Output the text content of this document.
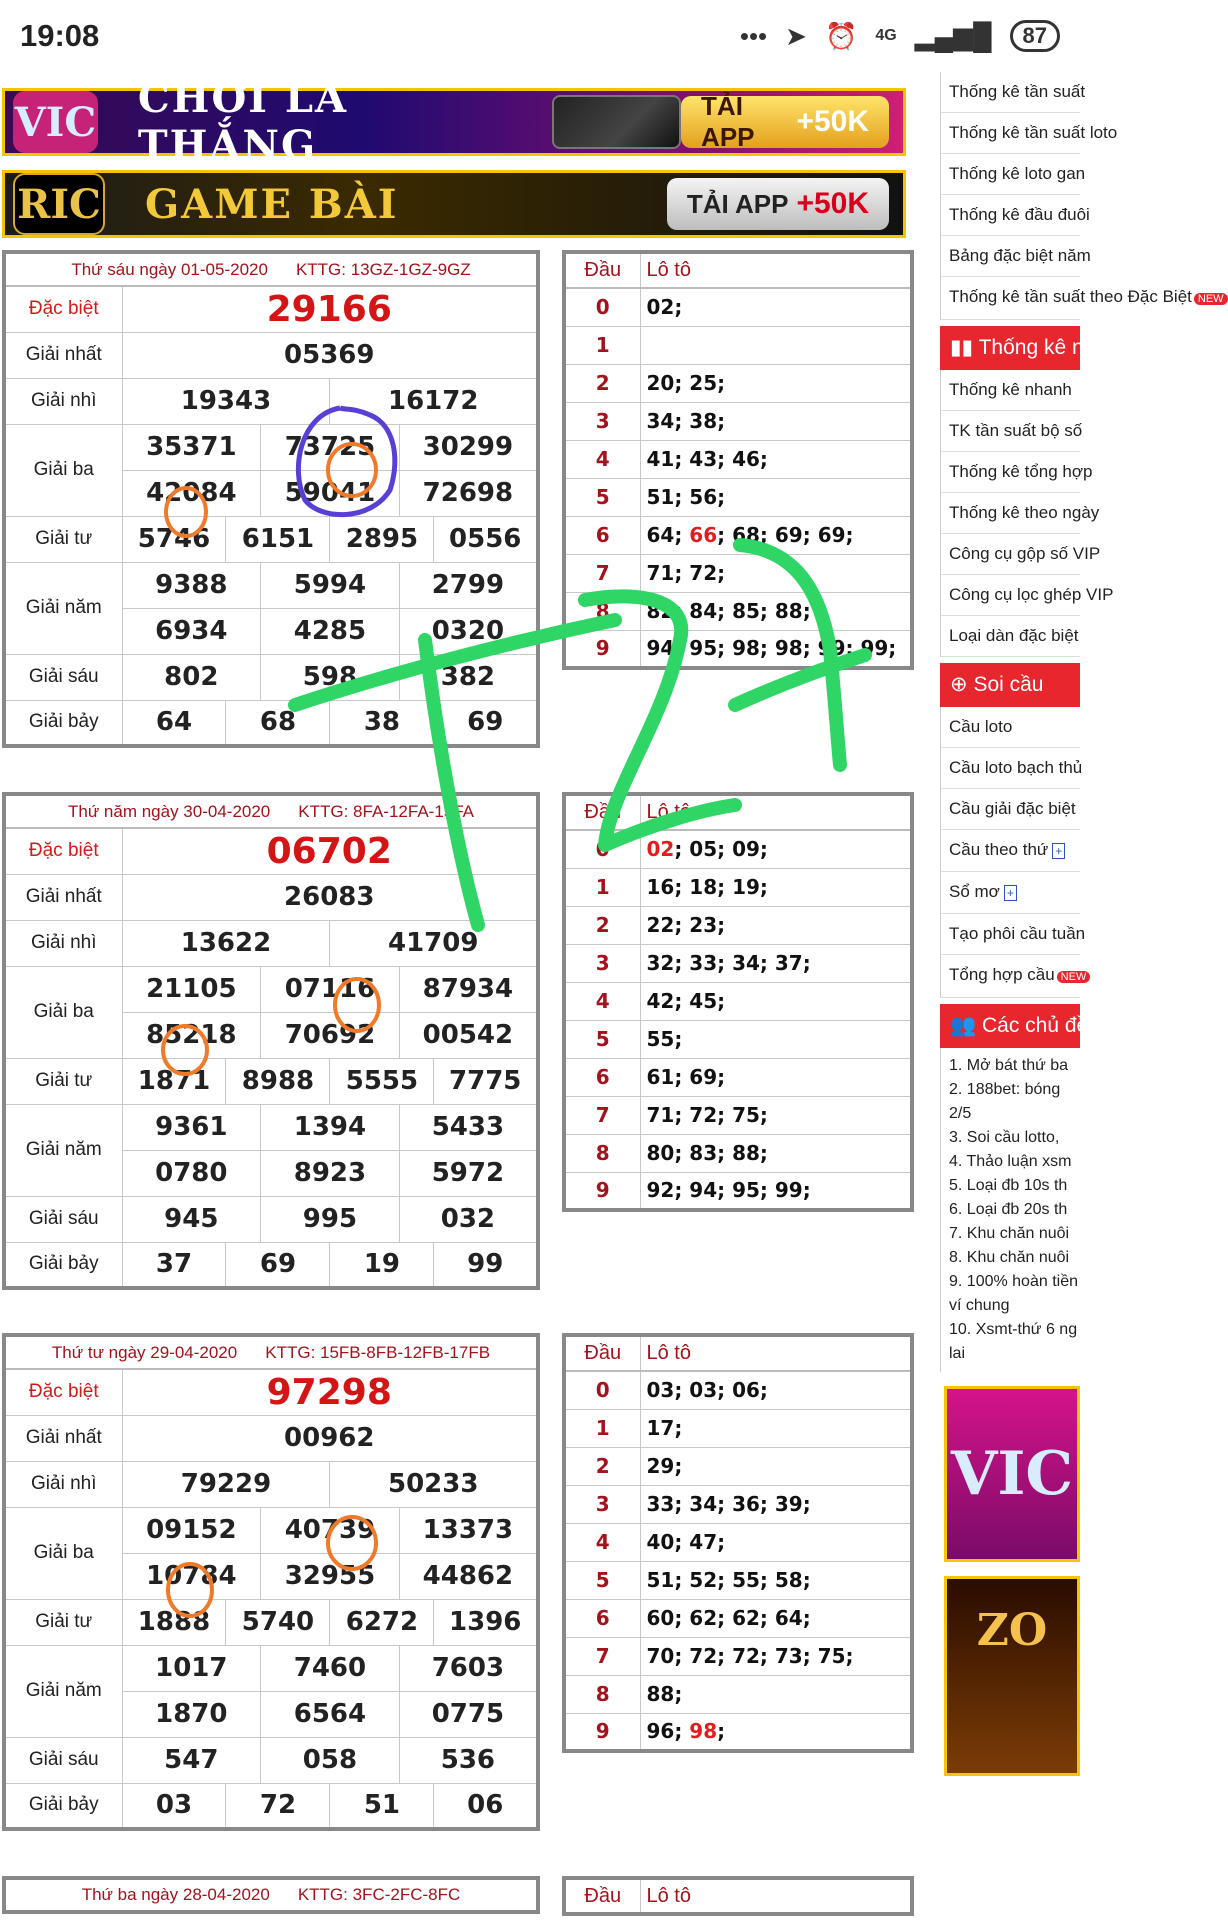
19:08	••• ➤ ⏰ 4G ▂▄▆█	87
VIC CHƠI LÀ THẮNG
TẢI APP	+50K
RIC GAME BÀI	TẢI APP +50K
Thứ sáu ngày 01-05-2020 KTTG: 13GZ-1GZ-9GZ						
Đặc biệt	29166					
Giải nhất	05369					
Giải nhì	19343			16172		
Giải ba	35371		73725		30299	
	42084		59041		72698	
Giải tư	5746	6151		2895		0556
Giải năm	9388		5994		2799	
	6934		4285		0320	
Giải sáu	802		598		382	
Giải bảy	64	68		38		69
Đầu	Lô tô
0	02;
1	
2	20; 25;
3	34; 38;
4	41; 43; 46;
5	51; 56;
6	64; 66; 68; 69; 69;
7	71; 72;
8	82; 84; 85; 88;
9	94; 95; 98; 98; 99; 99;
Thứ năm ngày 30-04-2020 KTTG: 8FA-12FA-15FA						
Đặc biệt	06702					
Giải nhất	26083					
Giải nhì	13622			41709		
Giải ba	21105		07116		87934	
	85218		70692		00542	
Giải tư	1871	8988		5555		7775
Giải năm	9361		1394		5433	
	0780		8923		5972	
Giải sáu	945		995		032	
Giải bảy	37	69		19		99
Đầu	Lô tô
0	02; 05; 09;
1	16; 18; 19;
2	22; 23;
3	32; 33; 34; 37;
4	42; 45;
5	55;
6	61; 69;
7	71; 72; 75;
8	80; 83; 88;
9	92; 94; 95; 99;
Thứ tư ngày 29-04-2020 KTTG: 15FB-8FB-12FB-17FB						
Đặc biệt	97298					
Giải nhất	00962					
Giải nhì	79229			50233		
Giải ba	09152		40739		13373	
	10784		32955		44862	
Giải tư	1888	5740		6272		1396
Giải năm	1017		7460		7603	
	1870		6564		0775	
Giải sáu	547		058		536	
Giải bảy	03	72		51		06
Đầu	Lô tô
0	03; 03; 06;
1	17;
2	29;
3	33; 34; 36; 39;
4	40; 47;
5	51; 52; 55; 58;
6	60; 62; 62; 64;
7	70; 72; 72; 73; 75;
8	88;
9	96; 98;
Thứ ba ngày 28-04-2020 KTTG: 3FC-2FC-8FC	Đầu	Lô tô
Thống kê tần suất
Thống kê tần suất loto
Thống kê loto gan
Thống kê đầu đuôi
Bảng đặc biệt năm
Thống kê tần suất theo Đặc Biệt NEW
▮▮ Thống kê n
Thống kê nhanh
TK tần suất bộ số
Thống kê tổng hợp
Thống kê theo ngày
Công cụ gộp số VIP
Công cụ lọc ghép VIP
Loại dàn đặc biệt
⊕ Soi cầu
Cầu loto
Cầu loto bạch thủ
Cầu giải đặc biệt
Cầu theo thứ +
Sổ mơ +
Tạo phôi cầu tuần
Tổng hợp cầu NEW
👥 Các chủ đề
1. Mở bát thứ ba
2. 188bet: bóng
2/5
3. Soi cầu lotto,
4. Thảo luận xsm
5. Loại đb 10s th
6. Loại đb 20s th
7. Khu chăn nuôi
8. Khu chăn nuôi
9. 100% hoàn tiền
ví chung
10. Xsmt-thứ 6 ng
lai
VIC
ZO
